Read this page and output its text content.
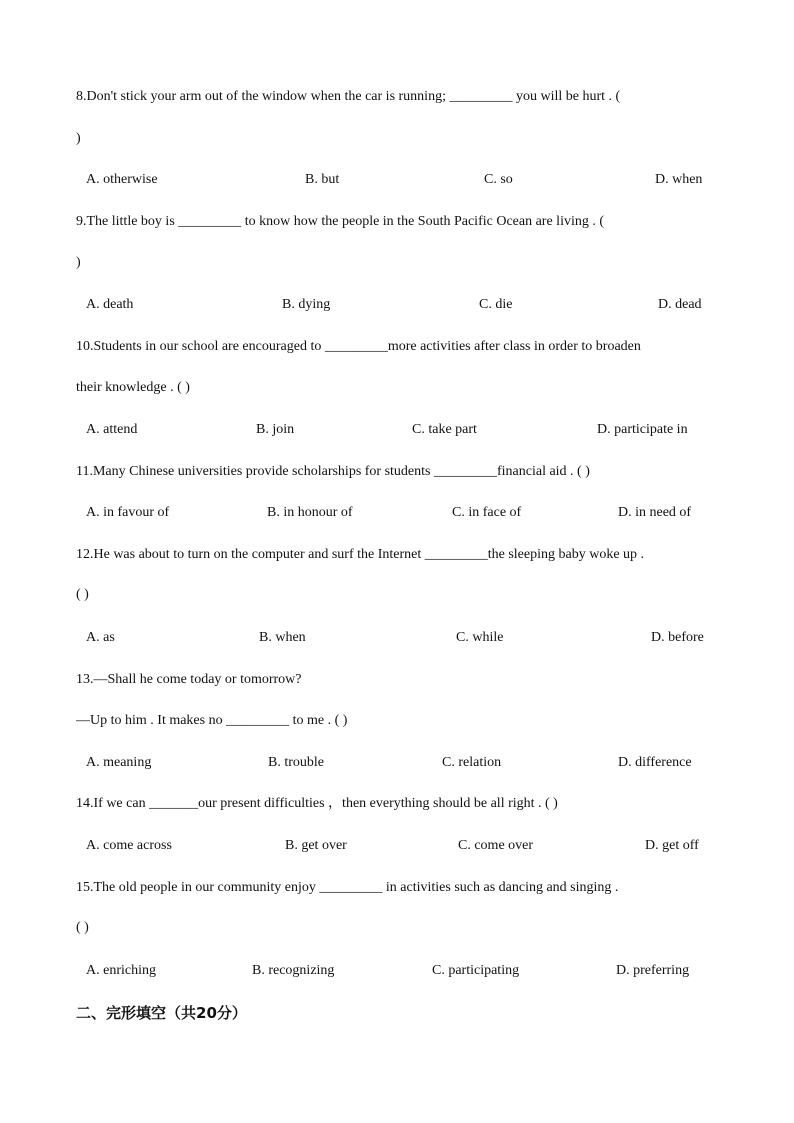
8.Don't stick your arm out of the window when the car is running; _________ you will be hurt . (
)
A. otherwise	B. but	C. so	D. when
9.The little boy is _________ to know how the people in the South Pacific Ocean are living . (
)
A. death	B. dying	C. die	D. dead
10.Students in our school are encouraged to _________more activities after class in order to broaden
their knowledge . ( )
A. attend	B. join	C. take part	D. participate in
11.Many Chinese universities provide scholarships for students _________financial aid . ( )
A. in favour of	B. in honour of	C. in face of	D. in need of
12.He was about to turn on the computer and surf the Internet _________the sleeping baby woke up .
( )
A. as	B. when	C. while	D. before
13.—Shall he come today or tomorrow?
—Up to him . It makes no _________ to me . ( )
A. meaning	B. trouble	C. relation	D. difference
14.If we can _______our present difficulties ，then everything should be all right . ( )
A. come across	B. get over	C. come over	D. get off
15.The old people in our community enjoy _________ in activities such as dancing and singing .
( )
A. enriching	B. recognizing	C. participating	D. preferring
二、完形填空（共20分）
